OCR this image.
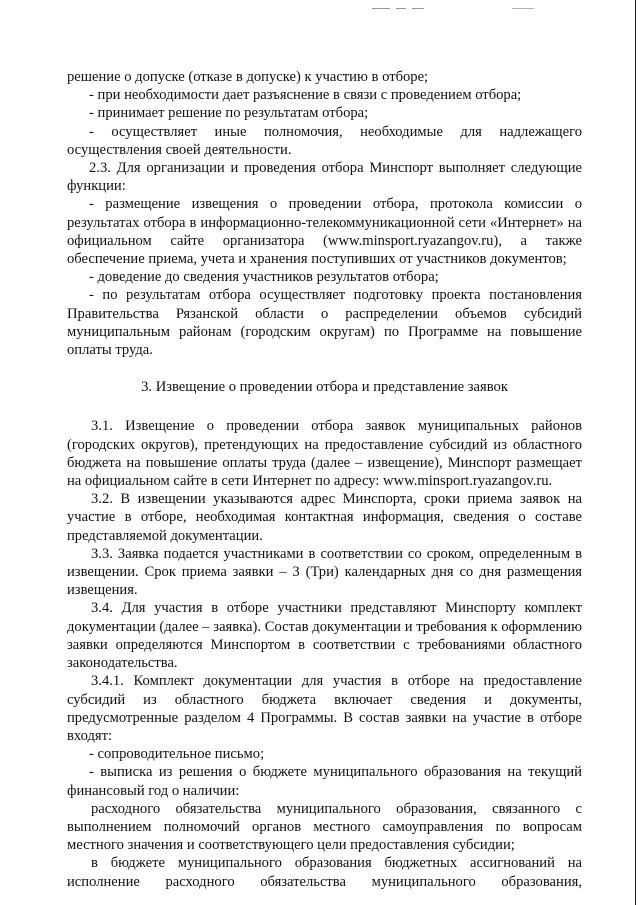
решение о допуске (отказе в допуске) к участию в отборе;

- при необходимости дает разъяснение в связи с проведением отбора;

- принимает решение по результатам отбора;

- осуществляет иные полномочия, необходимые для надлежащего осуществления своей деятельности.

2.3. Для организации и проведения отбора Минспорт выполняет следующие функции:

- размещение извещения о проведении отбора, протокола комиссии о результатах отбора в информационно-телекоммуникационной сети «Интернет» на официальном сайте организатора (www.minsport.ryazangov.ru), а также обеспечение приема, учета и хранения поступивших от участников документов;

- доведение до сведения участников результатов отбора;

- по результатам отбора осуществляет подготовку проекта постановления Правительства Рязанской области о распределении объемов субсидий муниципальным районам (городским округам) по Программе на повышение оплаты труда.

3. Извещение о проведении отбора и представление заявок

3.1. Извещение о проведении отбора заявок муниципальных районов (городских округов), претендующих на предоставление субсидий из областного бюджета на повышение оплаты труда (далее – извещение), Минспорт размещает на официальном сайте в сети Интернет по адресу: www.minsport.ryazangov.ru.

3.2. В извещении указываются адрес Минспорта, сроки приема заявок на участие в отборе, необходимая контактная информация, сведения о составе представляемой документации.

3.3. Заявка подается участниками в соответствии со сроком, определенным в извещении. Срок приема заявки – 3 (Три) календарных дня со дня размещения извещения.

3.4. Для участия в отборе участники представляют Минспорту комплект документации (далее – заявка). Состав документации и требования к оформлению заявки определяются Минспортом в соответствии с требованиями областного законодательства.

3.4.1. Комплект документации для участия в отборе на предоставление субсидий из областного бюджета включает сведения и документы, предусмотренные разделом 4 Программы. В состав заявки на участие в отборе входят:

- сопроводительное письмо;

- выписка из решения о бюджете муниципального образования на текущий финансовый год о наличии:

расходного обязательства муниципального образования, связанного с выполнением полномочий органов местного самоуправления по вопросам местного значения и соответствующего цели предоставления субсидии;

в бюджете муниципального образования бюджетных ассигнований на исполнение расходного обязательства муниципального образования,
